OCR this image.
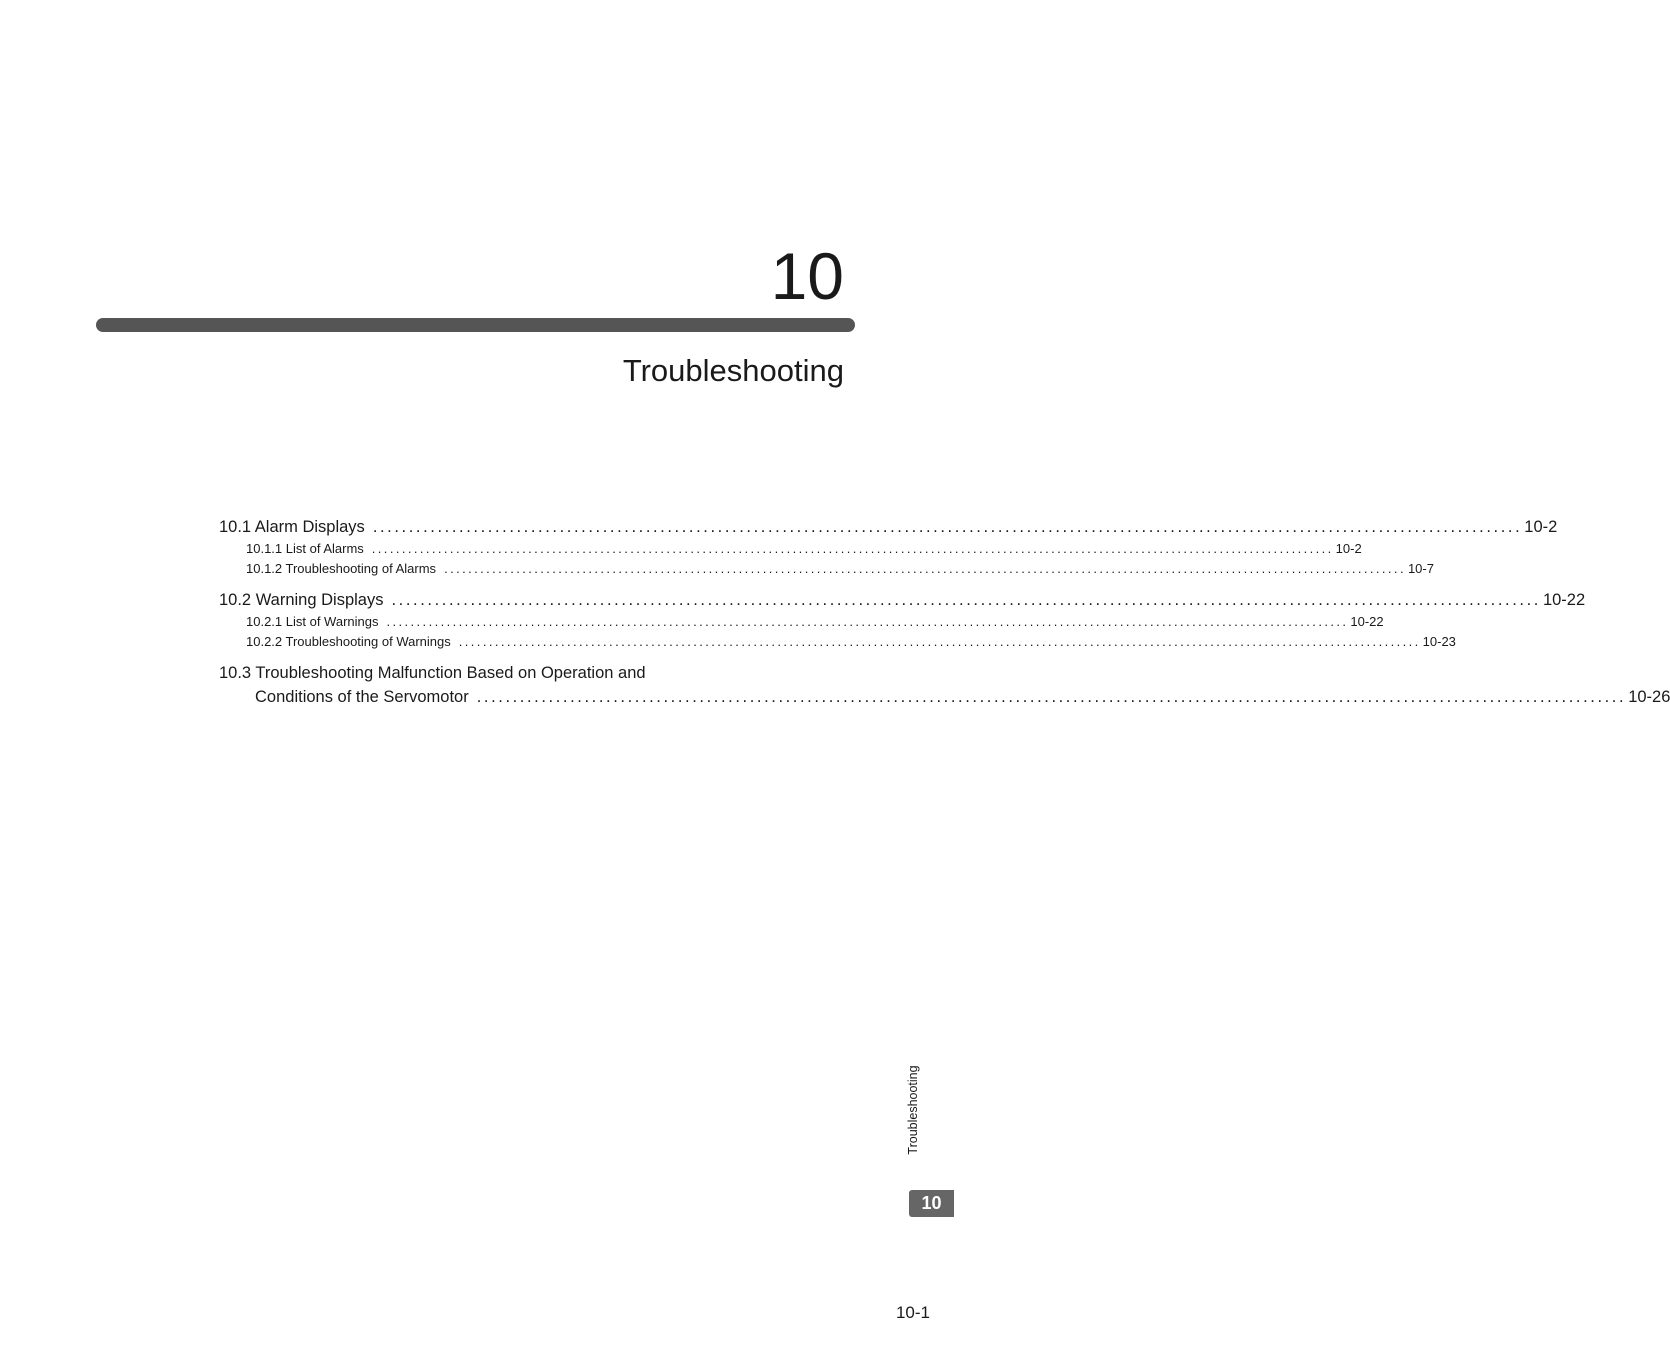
10
Troubleshooting
10.1 Alarm Displays ................................................................................................................................................................ 10-2
10.1.1 List of Alarms ................................................................................................................................................................ 10-2
10.1.2 Troubleshooting of Alarms ................................................................................................................................................................ 10-7
10.2 Warning Displays ................................................................................................................................................................ 10-22
10.2.1 List of Warnings ................................................................................................................................................................ 10-22
10.2.2 Troubleshooting of Warnings ................................................................................................................................................................ 10-23
10.3 Troubleshooting Malfunction Based on Operation and
Conditions of the Servomotor ................................................................................................................................................................ 10-26
Troubleshooting
10
10-1
